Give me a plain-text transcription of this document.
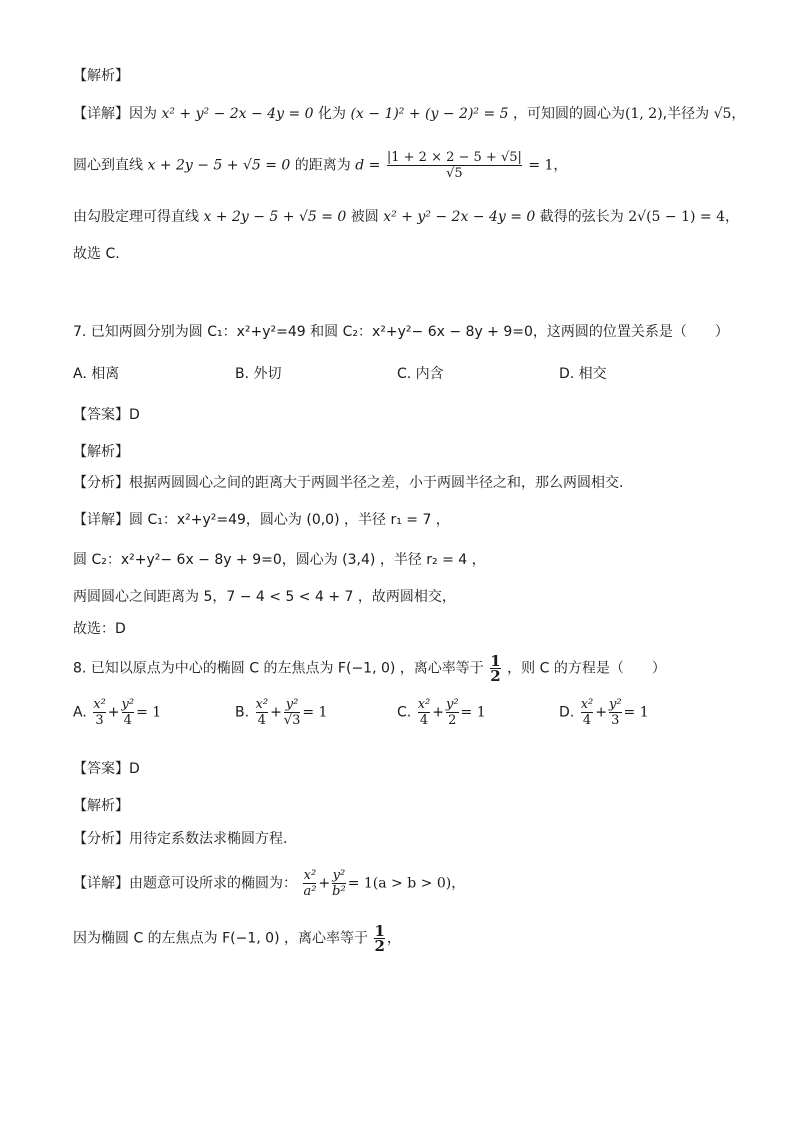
【解析】
【详解】因为 x² + y² − 2x − 4y = 0 化为 (x − 1)² + (y − 2)² = 5 ，可知圆的圆心为(1, 2),半径为 √5，
圆心到直线 x + 2y − 5 + √5 = 0 的距离为 $d = \frac{|1 + 2 \times 2 - 5 + √5|}{√5} = 1$，
由勾股定理可得直线 x + 2y − 5 + √5 = 0 被圆 x² + y² − 2x − 4y = 0 截得的弦长为 2√(5 − 1) = 4，
故选 C.
7. 已知两圆分别为圆 C₁：x²+y²=49 和圆 C₂：x²+y²− 6x − 8y + 9=0，这两圆的位置关系是（　　）
A. 相离	B. 外切	C. 内含	D. 相交
【答案】D
【解析】
【分析】根据两圆圆心之间的距离大于两圆半径之差，小于两圆半径之和，那么两圆相交.
【详解】圆 C₁：x²+y²=49，圆心为 (0,0) ，半径 r₁ = 7 ，
圆 C₂：x²+y²− 6x − 8y + 9=0，圆心为 (3,4) ，半径 r₂ = 4 ，
两圆圆心之间距离为 5，7 − 4 < 5 < 4 + 7 ，故两圆相交，
故选：D
8. 已知以原点为中心的椭圆 C 的左焦点为 F(−1, 0) ，离心率等于 $\frac{1}{2}$ ，则 C 的方程是（　　）
A. $\frac{\text{x²}}{3} + \frac{\text{y²}}{4} = 1$	B. $\frac{\text{x²}}{4} + \frac{\text{y²}}{√3} = 1$	C. $\frac{\text{x²}}{4} + \frac{\text{y²}}{2} = 1$	D. $\frac{\text{x²}}{4} + \frac{\text{y²}}{3} = 1$
【答案】D
【解析】
【分析】用待定系数法求椭圆方程.
【详解】由题意可设所求的椭圆为： $\frac{\text{x²}}{\text{a²}} + \frac{\text{y²}}{\text{b²}} = 1(a > b > 0)$，
因为椭圆 C 的左焦点为 F(−1, 0) ，离心率等于 $\frac{1}{2}$ ，
